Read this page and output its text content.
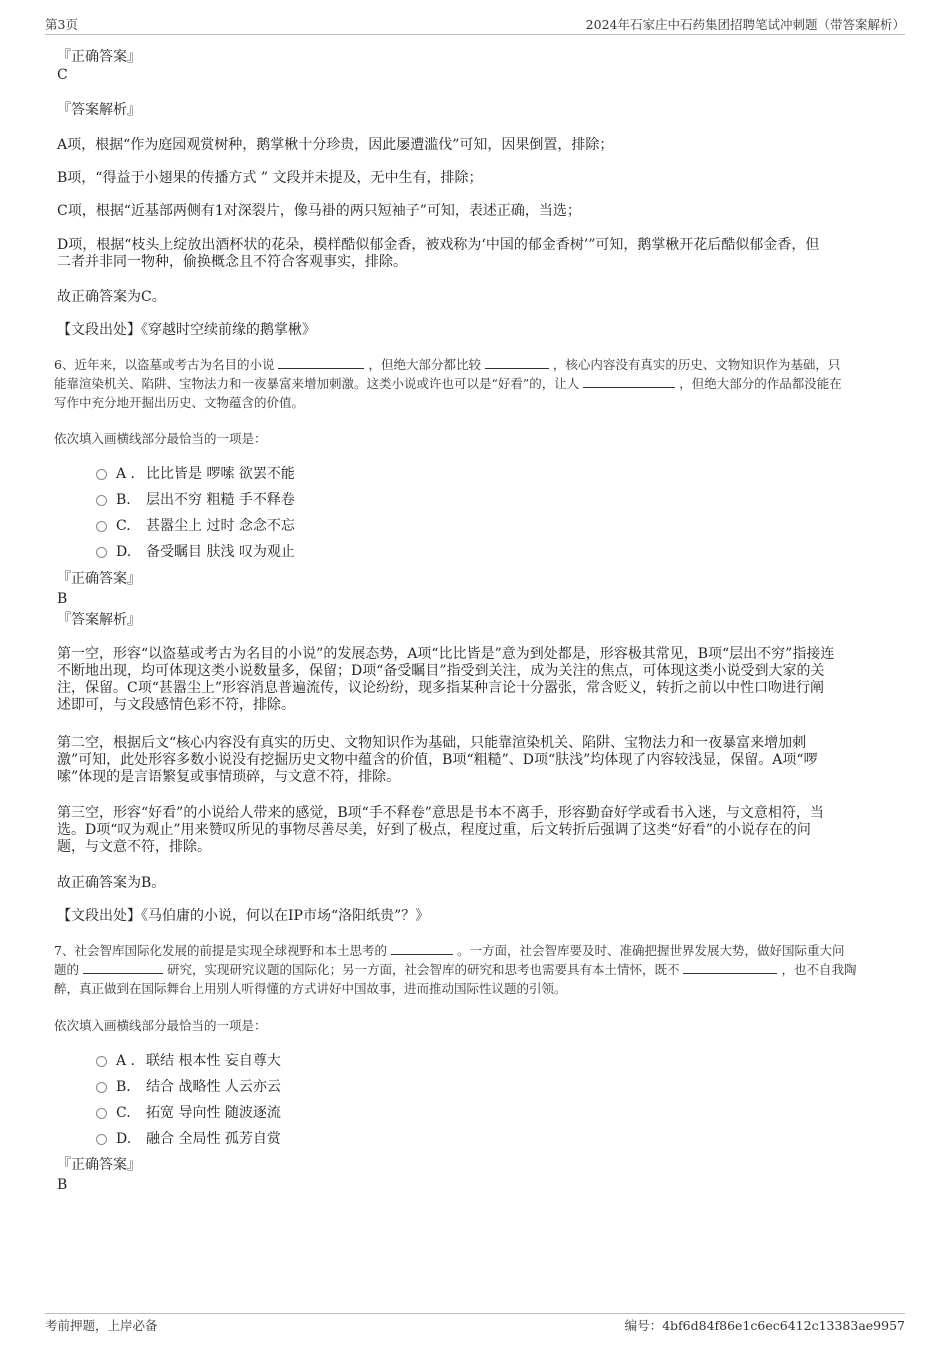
第3页	2024年石家庄中石药集团招聘笔试冲刺题（带答案解析）
『正确答案』
C
『答案解析』
A项，根据“作为庭园观赏树种，鹅掌楸十分珍贵，因此屡遭滥伐”可知，因果倒置，排除；
B项，“得益于小翅果的传播方式 ” 文段并未提及，无中生有，排除；
C项，根据“近基部两侧有1对深裂片，像马褂的两只短袖子”可知，表述正确，当选；
D项，根据“枝头上绽放出酒杯状的花朵，模样酷似郁金香，被戏称为‘中国的郁金香树’”可知，鹅掌楸开花后酷似郁金香，但
二者并非同一物种，偷换概念且不符合客观事实，排除。
故正确答案为C。
【文段出处】《穿越时空续前缘的鹅掌楸》
6、近年来，以盗墓或考古为名目的小说	，但绝大部分都比较	，核心内容没有真实的历史、文物知识作为基础，只
能靠渲染机关、陷阱、宝物法力和一夜暴富来增加刺激。这类小说或许也可以是“好看”的，让人	，但绝大部分的作品都没能在
写作中充分地开掘出历史、文物蕴含的价值。
依次填入画横线部分最恰当的一项是：
A . 比比皆是 啰嗦 欲罢不能
B. 层出不穷 粗糙 手不释卷
C. 甚嚣尘上 过时 念念不忘
D. 备受瞩目 肤浅 叹为观止
『正确答案』
B
『答案解析』
第一空，形容“以盗墓或考古为名目的小说”的发展态势，A项“比比皆是”意为到处都是，形容极其常见，B项“层出不穷”指接连
不断地出现，均可体现这类小说数量多，保留；D项“备受瞩目”指受到关注，成为关注的焦点，可体现这类小说受到大家的关
注，保留。C项“甚嚣尘上”形容消息普遍流传，议论纷纷，现多指某种言论十分嚣张，常含贬义，转折之前以中性口吻进行阐
述即可，与文段感情色彩不符，排除。
第二空，根据后文“核心内容没有真实的历史、文物知识作为基础，只能靠渲染机关、陷阱、宝物法力和一夜暴富来增加刺
激”可知，此处形容多数小说没有挖掘历史文物中蕴含的价值，B项“粗糙”、D项“肤浅”均体现了内容较浅显，保留。A项“啰
嗦”体现的是言语繁复或事情琐碎，与文意不符，排除。
第三空，形容“好看”的小说给人带来的感觉，B项“手不释卷”意思是书本不离手，形容勤奋好学或看书入迷，与文意相符，当
选。D项“叹为观止”用来赞叹所见的事物尽善尽美，好到了极点，程度过重，后文转折后强调了这类“好看”的小说存在的问
题，与文意不符，排除。
故正确答案为B。
【文段出处】《马伯庸的小说，何以在IP市场“洛阳纸贵”？》
7、社会智库国际化发展的前提是实现全球视野和本土思考的	。一方面，社会智库要及时、准确把握世界发展大势，做好国际重大问
题的	研究，实现研究议题的国际化；另一方面，社会智库的研究和思考也需要具有本土情怀，既不	，也不自我陶
醉，真正做到在国际舞台上用别人听得懂的方式讲好中国故事，进而推动国际性议题的引领。
依次填入画横线部分最恰当的一项是：
A . 联结 根本性 妄自尊大
B. 结合 战略性 人云亦云
C. 拓宽 导向性 随波逐流
D. 融合 全局性 孤芳自赏
『正确答案』
B
考前押题，上岸必备	编号：4bf6d84f86e1c6ec6412c13383ae9957
